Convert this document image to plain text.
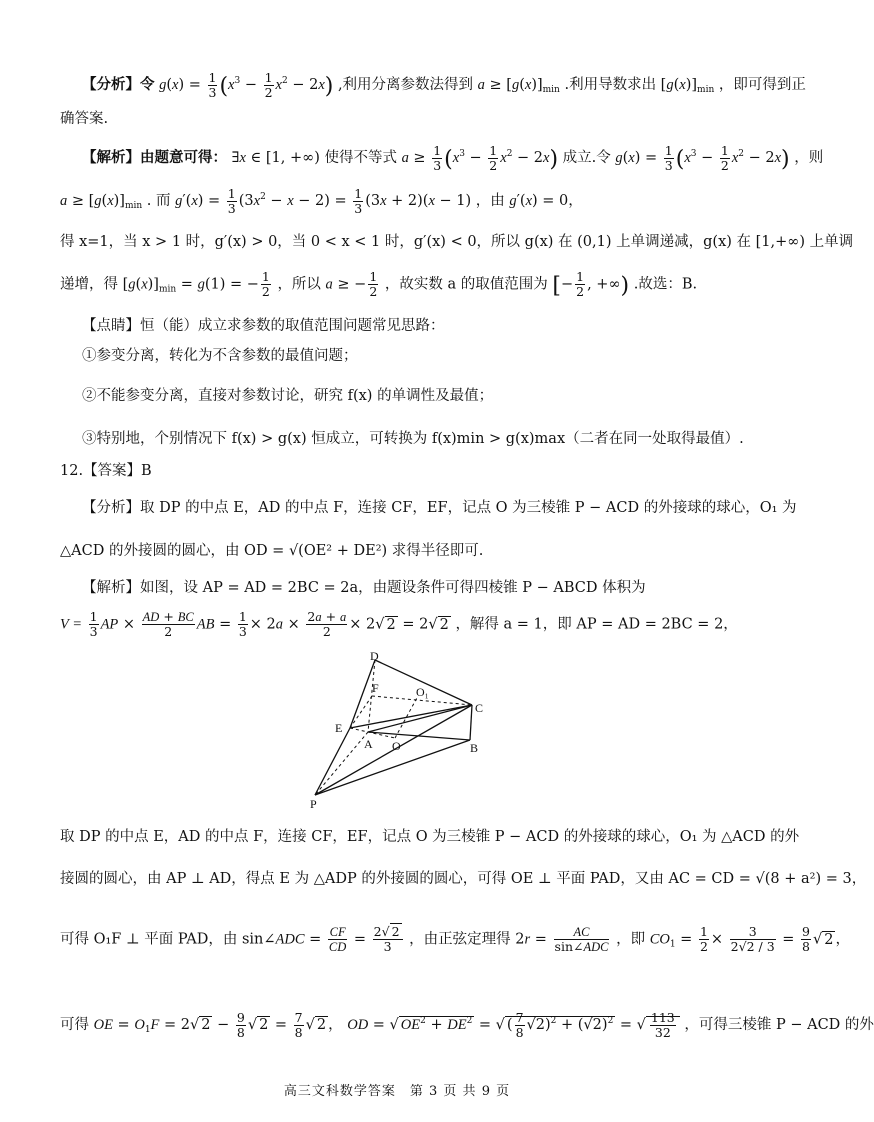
【分析】令 $g(x) = \frac{1}{3} (x^3 - \frac{1}{2} x^2 - 2x)$ ,利用分离参数法得到 $a \ge [g(x)]_{min}$ .利用导数求出 $[g(x)]_{min}$ ，即可得到正
确答案.
【解析】由题意可得： ∃x ∈ [1, +∞) 使得不等式 $a \ge \frac{1}{3} (x^3 - \frac{1}{2} x^2 - 2x)$ 成立.令 $g(x) = \frac{1}{3} (x^3 - \frac{1}{2} x^2 - 2x)$ ，则
$a \ge [g(x)]_{min}$ . 而 $g'(x) = \frac{1}{3} (3x^2 - x - 2) = \frac{1}{3} (3x + 2)(x - 1)$ ，由 g′(x) = 0，
得 x=1，当 x > 1 时，g′(x) > 0，当 0 < x < 1 时，g′(x) < 0，所以 g(x) 在 (0,1) 上单调递减，g(x) 在 [1,+∞) 上单调
递增，得 $[g(x)]_{min} = g(1)$ = − $\frac{1}{2}$ ，所以 a ≥ − $\frac{1}{2}$ ，故实数 a 的取值范围为 [− $\frac{1}{2}$ , +∞) .故选：B.
【点睛】恒（能）成立求参数的取值范围问题常见思路：
①参变分离，转化为不含参数的最值问题；
②不能参变分离，直接对参数讨论，研究 f(x) 的单调性及最值；
③特别地，个别情况下 f(x) > g(x) 恒成立，可转换为 f(x)min > g(x)max（二者在同一处取得最值）.
12.【答案】B
【分析】取 DP 的中点 E，AD 的中点 F，连接 CF，EF，记点 O 为三棱锥 P − ACD 的外接球的球心，O₁ 为
△ACD 的外接圆的圆心，由 OD = √(OE² + DE²) 求得半径即可.
【解析】如图，设 AP = AD = 2BC = 2a，由题设条件可得四棱锥 P − ABCD 体积为
$V = \frac{1}{3}$ AP × $\frac{AD + BC}{2}$ AB = $\frac{1}{3} \times 2a \times \frac{2a + a}{2} \times 2√$ 2 = 2√ 2 ，解得 a = 1，即 AP = AD = 2BC = 2，
D
F	O₁
C
E
A O	B
P
取 DP 的中点 E，AD 的中点 F，连接 CF，EF，记点 O 为三棱锥 P − ACD 的外接球的球心，O₁ 为 △ACD 的外
接圆的圆心，由 AP ⊥ AD，得点 E 为 △ADP 的外接圆的圆心，可得 OE ⊥ 平面 PAD，又由 AC = CD = √(8 + a²) = 3，
可得 O₁F ⊥ 平面 PAD，由 sin∠ADC = $\frac{CF}{CD} = \frac{2√ 2}{3}$ ，由正弦定理得 $2r = \frac{AC}{\text{sin∠ADC}}$ ，即 $CO_1 = \frac{1}{2} \times \frac{3}{2√2 / 3} = \frac{9}{8}$ √ 2 ，
可得 OE = $O_1F = 2√$ $2 - \frac{9}{8}$ √ $2 = \frac{7}{8}$ √ 2 ， OD = √ $OE^2 + DE^2$ = √ ( $\frac{7}{8} √2)^2 + (√2)^2$ = √ $\frac{113}{32}$ ，可得三棱锥 P − ACD 的外
高三文科数学答案　第 3 页 共 9 页
